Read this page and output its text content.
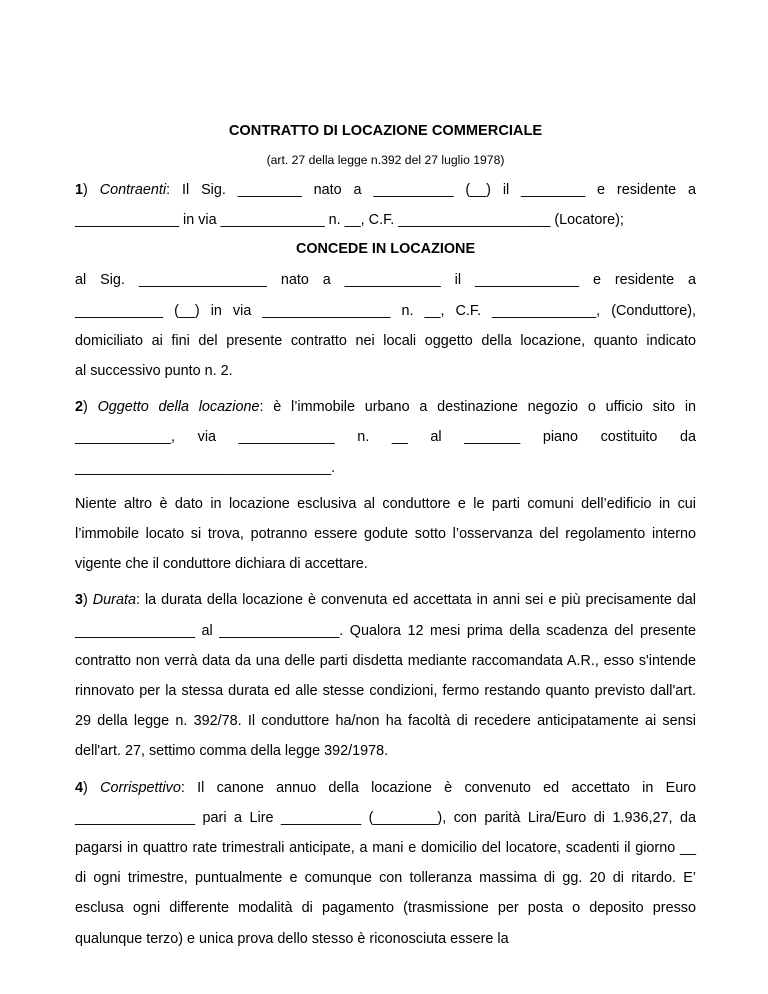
CONTRATTO DI LOCAZIONE COMMERCIALE

(art. 27 della legge n.392 del 27 luglio 1978)

1) Contraenti: Il Sig. ________ nato a __________ (__) il ________ e residente a
_____________ in via _____________ n. __, C.F. ___________________ (Locatore);

CONCEDE IN LOCAZIONE

al Sig. ________________ nato a ____________ il _____________ e residente a
___________ (__) in via ________________ n. __, C.F. _____________, (Conduttore),
domiciliato ai fini del presente contratto nei locali oggetto della locazione, quanto indicato
al successivo punto n. 2.
2) Oggetto della locazione: è l’immobile urbano a destinazione negozio o ufficio sito in
____________, via ____________ n. __ al _______ piano costituito da
________________________________.
Niente altro è dato in locazione esclusiva al conduttore e le parti comuni dell’edificio in cui l’immobile locato si trova, potranno essere godute sotto l’osservanza del regolamento interno vigente che il conduttore dichiara di accettare.
3) Durata: la durata della locazione è convenuta ed accettata in anni sei e più precisamente dal _______________ al _______________. Qualora 12 mesi prima della scadenza del presente contratto non verrà data da una delle parti disdetta mediante raccomandata A.R., esso s'intende rinnovato per la stessa durata ed alle stesse condizioni, fermo restando quanto previsto dall'art. 29 della legge n. 392/78. Il conduttore ha/non ha facoltà di recedere anticipatamente ai sensi dell'art. 27, settimo comma della legge 392/1978.
4) Corrispettivo: Il canone annuo della locazione è convenuto ed accettato in Euro _______________ pari a Lire __________ (________), con parità Lira/Euro di 1.936,27, da pagarsi in quattro rate trimestrali anticipate, a mani e domicilio del locatore, scadenti il giorno __ di ogni trimestre, puntualmente e comunque con tolleranza massima di gg. 20 di ritardo. E’ esclusa ogni differente modalità di pagamento (trasmissione per posta o deposito presso qualunque terzo) e unica prova dello stesso è riconosciuta essere la
